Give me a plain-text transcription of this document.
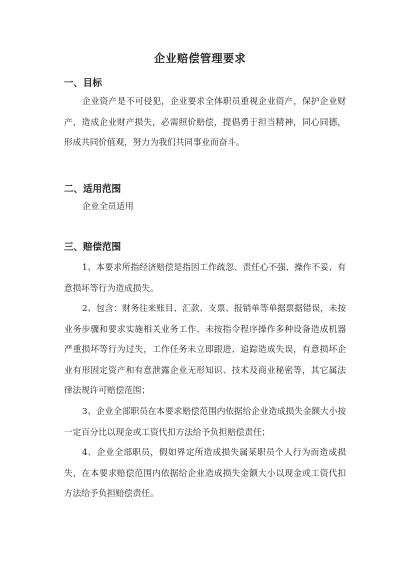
企业赔偿管理要求
一、目标

企业资产是不可侵犯，企业要求全体职员重视企业资产，保护企业财产，造成企业财产损失，必需照价赔偿，提倡勇于担当精神，同心同德，形成共同价值观，努力为我们共同事业而奋斗。

二、适用范围

企业全员适用

三、赔偿范围

1、本要求所指经济赔偿是指因工作疏忽、责任心不强、操作不妥、有意损坏等行为造成损失。

2、包含：财务往来账目、汇款、支票、报销单等单据票据错误，未按业务步骤和要求实施相关业务工作、未按指令程序操作多种设备造成机器严重损坏等行为过失，工作任务未立即跟进、追踪造成失误，有意损坏企业有形固定资产和有意泄露企业无形知识、技术及商业秘密等，其它属法律法规许可赔偿范围；

3、企业全部职员在本要求赔偿范围内依据给企业造成损失金额大小按一定百分比以现金或工资代扣方法给予负担赔偿责任；

4、企业全部职员，假如界定所造成损失属某职员个人行为而造成损失，在本要求赔偿范围内依据给企业造成损失金额大小以现金或工资代扣方法给予负担赔偿责任。
